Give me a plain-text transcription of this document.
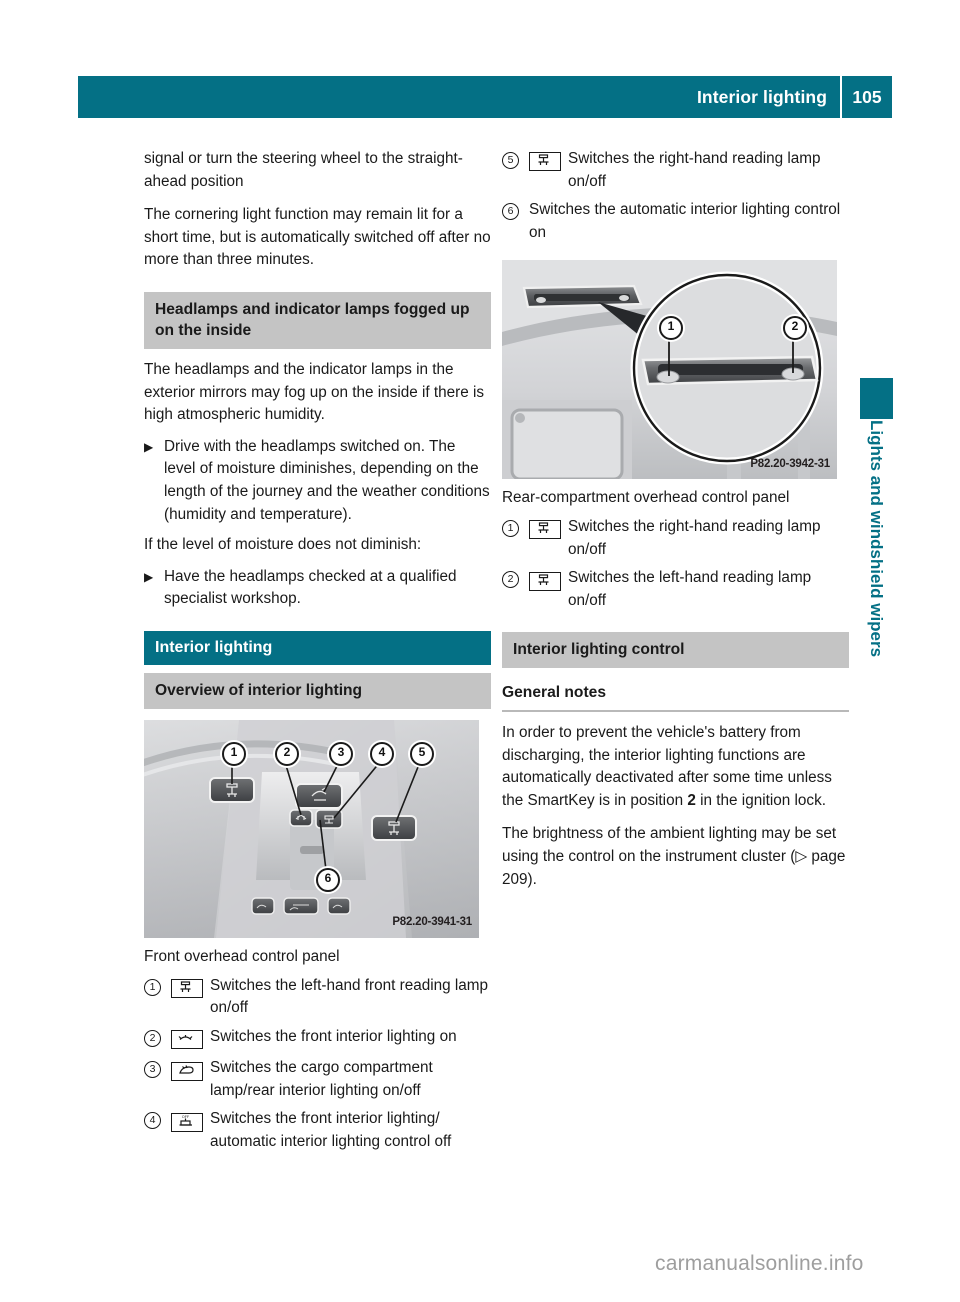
Interior lighting	105
Lights and windshield wipers

signal or turn the steering wheel to the straight-ahead position

The cornering light function may remain lit for a short time, but is automatically switched off after no more than three minutes.

Headlamps and indicator lamps fogged up on the inside

The headlamps and the indicator lamps in the exterior mirrors may fog up on the inside if there is high atmospheric humidity.

▶ Drive with the headlamps switched on. The level of moisture diminishes, depending on the length of the journey and the weather conditions (humidity and temperature).

If the level of moisture does not diminish:

▶ Have the headlamps checked at a qualified specialist workshop.
Interior lighting
Overview of interior lighting
1	2	3	4	5
6
P82.20-3941-31
Front overhead control panel
1	Switches the left-hand front reading lamp on/off
2	Switches the front interior lighting on
3	Switches the cargo compartment lamp/rear interior lighting on/off
4	OFF Switches the front interior lighting/ automatic interior lighting control off
5	Switches the right-hand reading lamp on/off
6	Switches the automatic interior lighting control on
1	2
P82.20-3942-31
Rear-compartment overhead control panel
1	Switches the right-hand reading lamp on/off
2	Switches the left-hand reading lamp on/off
Interior lighting control
General notes

In order to prevent the vehicle's battery from discharging, the interior lighting functions are automatically deactivated after some time unless the SmartKey is in position 2 in the ignition lock.

The brightness of the ambient lighting may be set using the control on the instrument cluster (▷ page 209).

carmanualsonline.info
